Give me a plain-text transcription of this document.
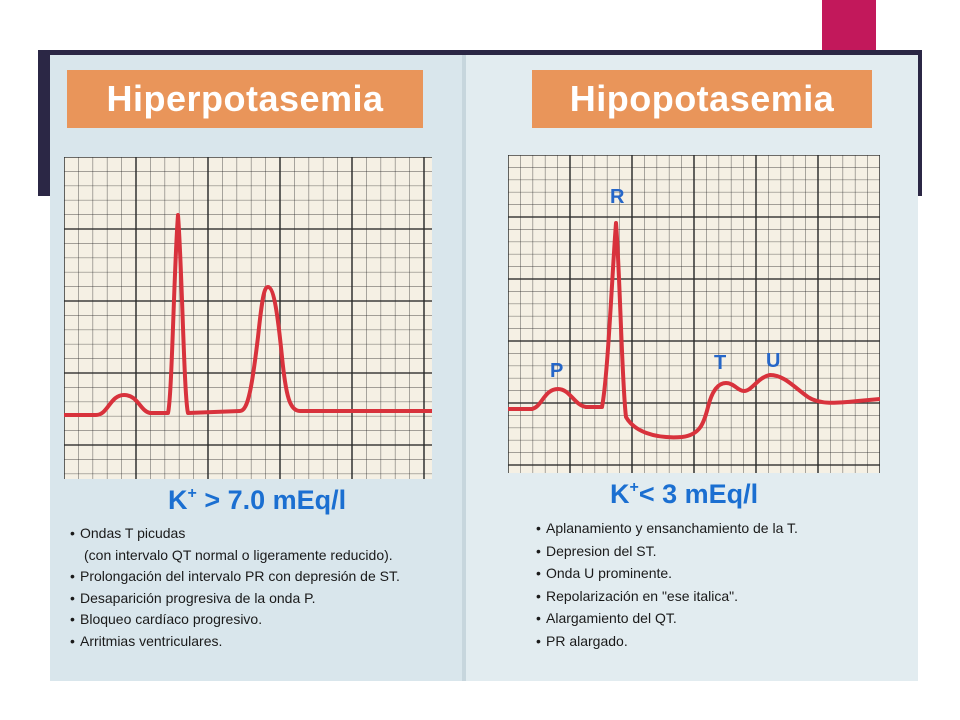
Hiperpotasemia
K+ > 7.0 mEq/l
• Ondas T picudas
(con intervalo QT normal o ligeramente reducido).
• Prolongación del intervalo PR con depresión de ST.
• Desaparición progresiva de la onda P.
• Bloqueo cardíaco progresivo.
• Arritmias ventriculares.
Hipopotasemia
R
P	T U
K+< 3 mEq/l
• Aplanamiento y ensanchamiento de la T.
• Depresion del ST.
• Onda U prominente.
• Repolarización en "ese italica".
• Alargamiento del QT.
• PR alargado.
